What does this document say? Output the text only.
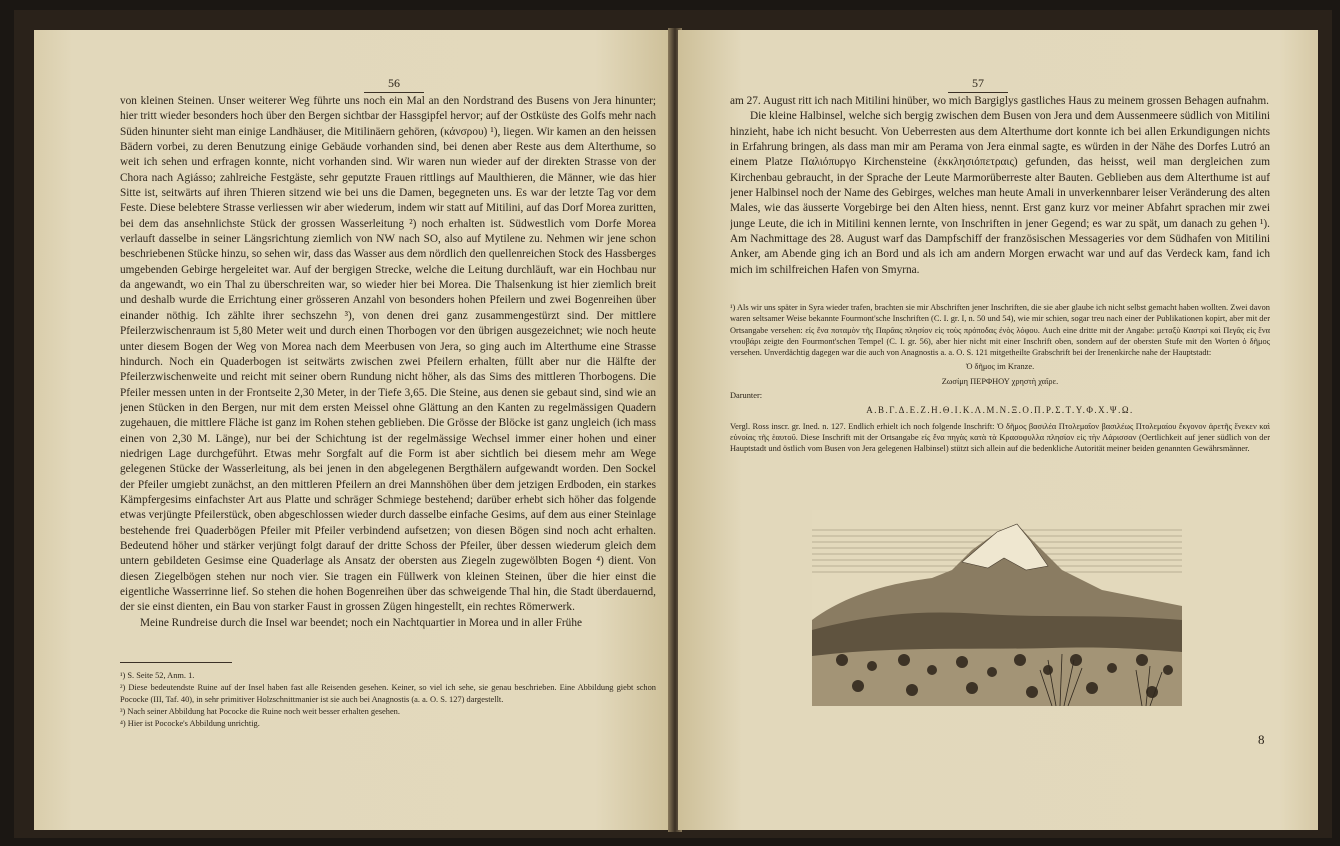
56

von kleinen Steinen. Unser weiterer Weg führte uns noch ein Mal an den Nordstrand des Busens von Jera hinunter; hier tritt wieder besonders hoch über den Bergen sichtbar der Hassgipfel hervor; auf der Ostküste des Golfs mehr nach Süden hinunter sieht man einige Landhäuser, die Mitilinäern gehören, (κάνσρου) ¹), liegen. Wir kamen an den heissen Bädern vorbei, zu deren Benutzung einige Gebäude vorhanden sind, bei denen aber Reste aus dem Alterthume, so weit ich sehen und erfragen konnte, nicht vorhanden sind. Wir waren nun wieder auf der direkten Strasse von der Chora nach Agiásso; zahlreiche Festgäste, sehr geputzte Frauen rittlings auf Maulthieren, die Männer, wie das hier Sitte ist, seitwärts auf ihren Thieren sitzend wie bei uns die Damen, begegneten uns. Es war der letzte Tag vor dem Feste. Diese belebtere Strasse verliessen wir aber wiederum, indem wir statt auf Mitilini, auf das Dorf Morea zuritten, bei dem das ansehnlichste Stück der grossen Wasserleitung ²) noch erhalten ist. Südwestlich vom Dorfe Morea verlauft dasselbe in seiner Längsrichtung ziemlich von NW nach SO, also auf Mytilene zu. Nehmen wir jene schon beschriebenen Stücke hinzu, so sehen wir, dass das Wasser aus dem nördlich den quellenreichen Stock des Hassberges umgebenden Gebirge hergeleitet war. Auf der bergigen Strecke, welche die Leitung durchläuft, war ein Hochbau nur da angewandt, wo ein Thal zu überschreiten war, so wieder hier bei Morea. Die Thalsenkung ist hier ziemlich breit und deshalb wurde die Errichtung einer grösseren Anzahl von besonders hohen Pfeilern und zwei Bogenreihen über einander nöthig. Ich zählte ihrer sechszehn ³), von denen drei ganz zusammengestürzt sind. Der mittlere Pfeilerzwischenraum ist 5,80 Meter weit und durch einen Thorbogen vor den übrigen ausgezeichnet; wie noch heute unter diesem Bogen der Weg von Morea nach dem Meerbusen von Jera, so ging auch im Alterthume eine Strasse hindurch. Noch ein Quaderbogen ist seitwärts zwischen zwei Pfeilern erhalten, füllt aber nur die Hälfte der Pfeilerzwischenweite und reicht mit seiner obern Rundung nicht höher, als das Sims des mittleren Thorbogens. Die Pfeiler messen unten in der Frontseite 2,30 Meter, in der Tiefe 3,65. Die Steine, aus denen sie gebaut sind, sind wie an jenen Stücken in den Bergen, nur mit dem ersten Meissel ohne Glättung an den Kanten zu regelmässigen Quadern zugehauen, die mittlere Fläche ist ganz im Rohen stehen geblieben. Die Grösse der Blöcke ist ganz ungleich (ich mass einen von 2,30 M. Länge), nur bei der Schichtung ist der regelmässige Wechsel immer einer hohen und einer niedrigen Lage durchgeführt. Etwas mehr Sorgfalt auf die Form ist aber sichtlich bei diesem mehr am Wege gelegenen Stücke der Wasserleitung, als bei jenen in den abgelegenen Bergthälern aufgewandt worden. Den Sockel der Pfeiler umgiebt zunächst, an den mittleren Pfeilern an drei Mannshöhen über dem jetzigen Erdboden, ein starkes Kämpfergesims einfachster Art aus Platte und schräger Schmiege bestehend; darüber erhebt sich höher das folgende etwas verjüngte Pfeilerstück, oben abgeschlossen wieder durch dasselbe einfache Gesims, auf dem aus einer Steinlage bestehende frei Quaderbögen Pfeiler mit Pfeiler verbindend aufsetzen; von diesen Bögen sind noch acht erhalten. Bedeutend höher und stärker verjüngt folgt darauf der dritte Schoss der Pfeiler, über dessen wiederum gleich dem untern gebildeten Gesimse eine Quaderlage als Ansatz der obersten aus Ziegeln zugewölbten Bogen ⁴) dient. Von diesen Ziegelbögen stehen nur noch vier. Sie tragen ein Füllwerk von kleinen Steinen, über die hier einst die eigentliche Wasserrinne lief. So stehen die hohen Bogenreihen über das schweigende Thal hin, die Stadt überdauernd, der sie einst dienten, ein Bau von starker Faust in grossen Zügen hingestellt, ein rechtes Römerwerk.

Meine Rundreise durch die Insel war beendet; noch ein Nachtquartier in Morea und in aller Frühe

¹) S. Seite 52, Anm. 1.

²) Diese bedeutendste Ruine auf der Insel haben fast alle Reisenden gesehen. Keiner, so viel ich sehe, sie genau beschrieben. Eine Abbildung giebt schon Pococke (III, Taf. 40), in sehr primitiver Holzschnittmanier ist sie auch bei Anagnostis (a. a. O. S. 127) dargestellt.

³) Nach seiner Abbildung hat Pococke die Ruine noch weit besser erhalten gesehen.

⁴) Hier ist Pococke's Abbildung unrichtig.

57

am 27. August ritt ich nach Mitilini hinüber, wo mich Bargiglys gastliches Haus zu meinem grossen Behagen aufnahm.

Die kleine Halbinsel, welche sich bergig zwischen dem Busen von Jera und dem Aussenmeere südlich von Mitilini hinzieht, habe ich nicht besucht. Von Ueberresten aus dem Alterthume dort konnte ich bei allen Erkundigungen nichts in Erfahrung bringen, als dass man mir am Perama von Jera einmal sagte, es würden in der Nähe des Dorfes Lutró an einem Platze Παλιόπυργο Kirchensteine (ἐκκλησιόπετραις) gefunden, das heisst, weil man dergleichen zum Kirchenbau gebraucht, in der Sprache der Leute Marmorüberreste alter Bauten. Geblieben aus dem Alterthume ist auf jener Halbinsel noch der Name des Gebirges, welches man heute Amali in unverkennbarer leiser Veränderung des alten Males, wie das äusserte Vorgebirge bei den Alten hiess, nennt. Erst ganz kurz vor meiner Abfahrt sprachen mir zwei junge Leute, die ich in Mitilini kennen lernte, von Inschriften in jener Gegend; es war zu spät, um danach zu gehen ¹). Am Nachmittage des 28. August warf das Dampfschiff der französischen Messageries vor dem Südhafen von Mitilini Anker, am Abende ging ich an Bord und als ich am andern Morgen erwacht war und auf das Verdeck kam, fand ich mich im schilfreichen Hafen von Smyrna.

¹) Als wir uns später in Syra wieder trafen, brachten sie mir Abschriften jener Inschriften, die sie aber glaube ich nicht selbst gemacht haben wollten. Zwei davon waren seltsamer Weise bekannte Fourmont'sche Inschriften (C. I. gr. I, n. 50 und 54), wie mir schien, sogar treu nach einer der Publikationen kopirt, aber mit der Ortsangabe versehen: εἰς ἕνα ποταμὸν τῆς Παρᾶας πλησίον εἰς τοὺς πρόποδας ἐνὸς λόφου. Auch eine dritte mit der Angabe: μεταξὺ Καστρὶ καὶ Πεγᾶς εἰς ἕνα ντουβάρι zeigte den Fourmont'schen Tempel (C. I. gr. 56), aber hier nicht mit einer Inschrift oben, sondern auf der obersten Stufe mit den Worten ὁ δῆμος versehen. Unverdächtig dagegen war die auch von Anagnostis a. a. O. S. 121 mitgetheilte Grabschrift bei der Irenenkirche nahe der Hauptstadt:

Ὁ δῆμος im Kranze.

Ζωσίμη ΠΕΡΦΗΟΥ χρηστὴ χαῖρε.

Darunter:

A.B.Γ.Δ.E.Z.H.Θ.I.K.Λ.M.N.Ξ.O.Π.P.Σ.T.Y.Φ.X.Ψ.Ω.

Vergl. Ross inscr. gr. Ined. n. 127. Endlich erhielt ich noch folgende Inschrift: Ὁ δῆμος βασιλέα Πτολεμαῖον βασιλέως Πτολεμαίου ἔκγονον ἀρετῆς ἕνεκεν καὶ εὐνοίας τῆς ἑαυτοῦ. Diese Inschrift mit der Ortsangabe εἰς ἕνα πηγὰς κατὰ τὰ Κρασοφυλλα πλησίον εἰς τὴν Λάρισσαν (Oertlichkeit auf jener südlich von der Hauptstadt und östlich vom Busen von Jera gelegenen Halbinsel) stützt sich allein auf die bedenkliche Autorität meiner beiden genannten Gewährsmänner.

8
